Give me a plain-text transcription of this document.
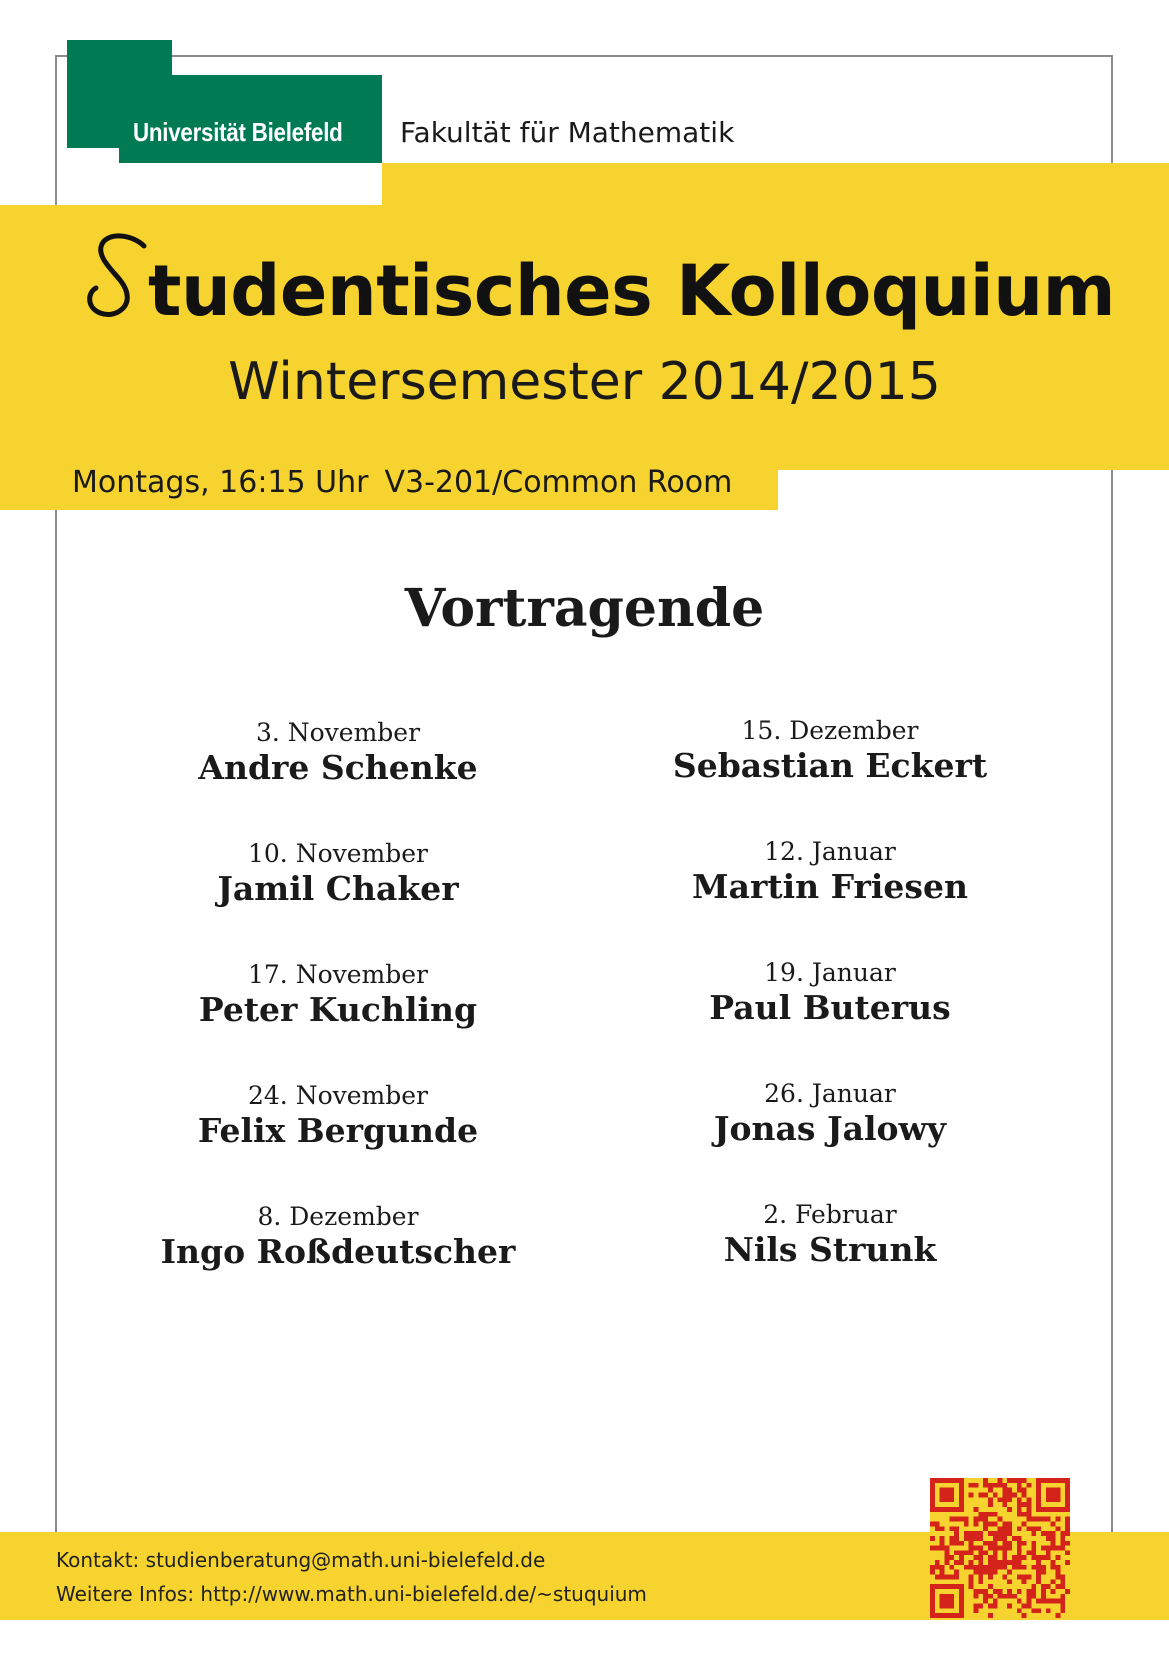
Universität Bielefeld Fakultät für Mathematik
tudentisches Kolloquium
Wintersemester 2014/2015
Montags, 16:15 Uhr V3-201/Common Room
Vortragende
3. November
Andre Schenke
10. November
Jamil Chaker
17. November
Peter Kuchling
24. November
Felix Bergunde
8. Dezember
Ingo Roßdeutscher
15. Dezember
Sebastian Eckert
12. Januar
Martin Friesen
19. Januar
Paul Buterus
26. Januar
Jonas Jalowy
2. Februar
Nils Strunk
Kontakt: studienberatung@math.uni-bielefeld.de
Weitere Infos: http://www.math.uni-bielefeld.de/~stuquium
